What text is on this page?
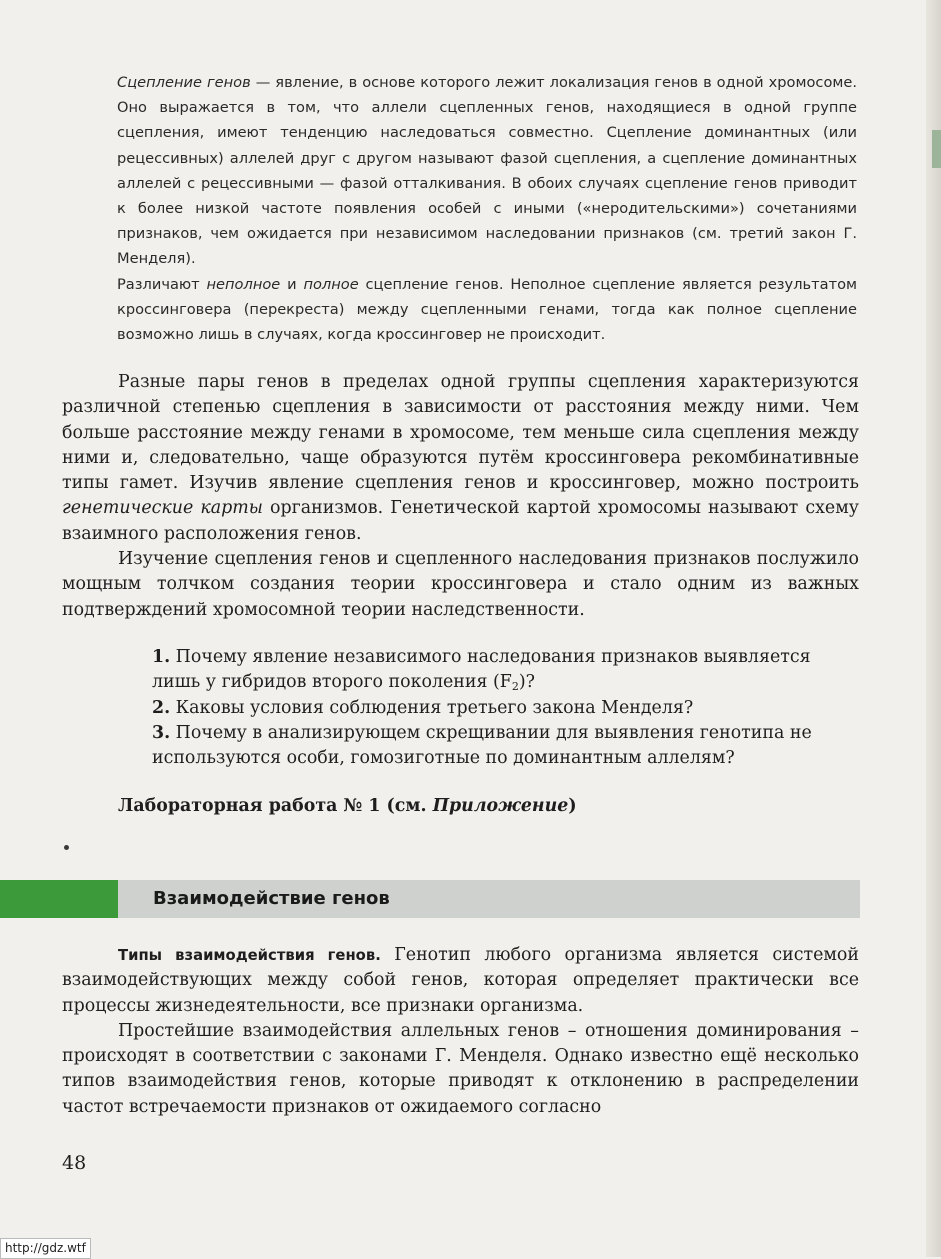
Сцепление генов — явление, в основе которого лежит локализация генов в одной хромосоме. Оно выражается в том, что аллели сцепленных генов, находящиеся в одной группе сцепления, имеют тенденцию наследоваться совместно. Сцепление доминантных (или рецессивных) аллелей друг с другом называют фазой сцепления, а сцепление доминантных аллелей с рецессивными — фазой отталкивания. В обоих случаях сцепление генов приводит к более низкой частоте появления особей с иными («неродительскими») сочетаниями признаков, чем ожидается при независимом наследовании признаков (см. третий закон Г. Менделя).

Различают неполное и полное сцепление генов. Неполное сцепление является результатом кроссинговера (перекреста) между сцепленными генами, тогда как полное сцепление возможно лишь в случаях, когда кроссинговер не происходит.

Разные пары генов в пределах одной группы сцепления характеризуются различной степенью сцепления в зависимости от расстояния между ними. Чем больше расстояние между генами в хромосоме, тем меньше сила сцепления между ними и, следовательно, чаще образуются путём кроссинговера рекомбинативные типы гамет. Изучив явление сцепления генов и кроссинговер, можно построить генетические карты организмов. Генетической картой хромосомы называют схему взаимного расположения генов.

Изучение сцепления генов и сцепленного наследования признаков послужило мощным толчком создания теории кроссинговера и стало одним из важных подтверждений хромосомной теории наследственности.

1. Почему явление независимого наследования признаков выявляется лишь у гибридов второго поколения $(F_2)$?

2. Каковы условия соблюдения третьего закона Менделя?

3. Почему в анализирующем скрещивании для выявления генотипа не используются особи, гомозиготные по доминантным аллелям?

Лабораторная работа № 1 (см. Приложение)
Взаимодействие генов

Типы взаимодействия генов. Генотип любого организма является системой взаимодействующих между собой генов, которая определяет практически все процессы жизнедеятельности, все признаки организма.

Простейшие взаимодействия аллельных генов – отношения доминирования – происходят в соответствии с законами Г. Менделя. Однако известно ещё несколько типов взаимодействия генов, которые приводят к отклонению в распределении частот встречаемости признаков от ожидаемого согласно

48
http://gdz.wtf
